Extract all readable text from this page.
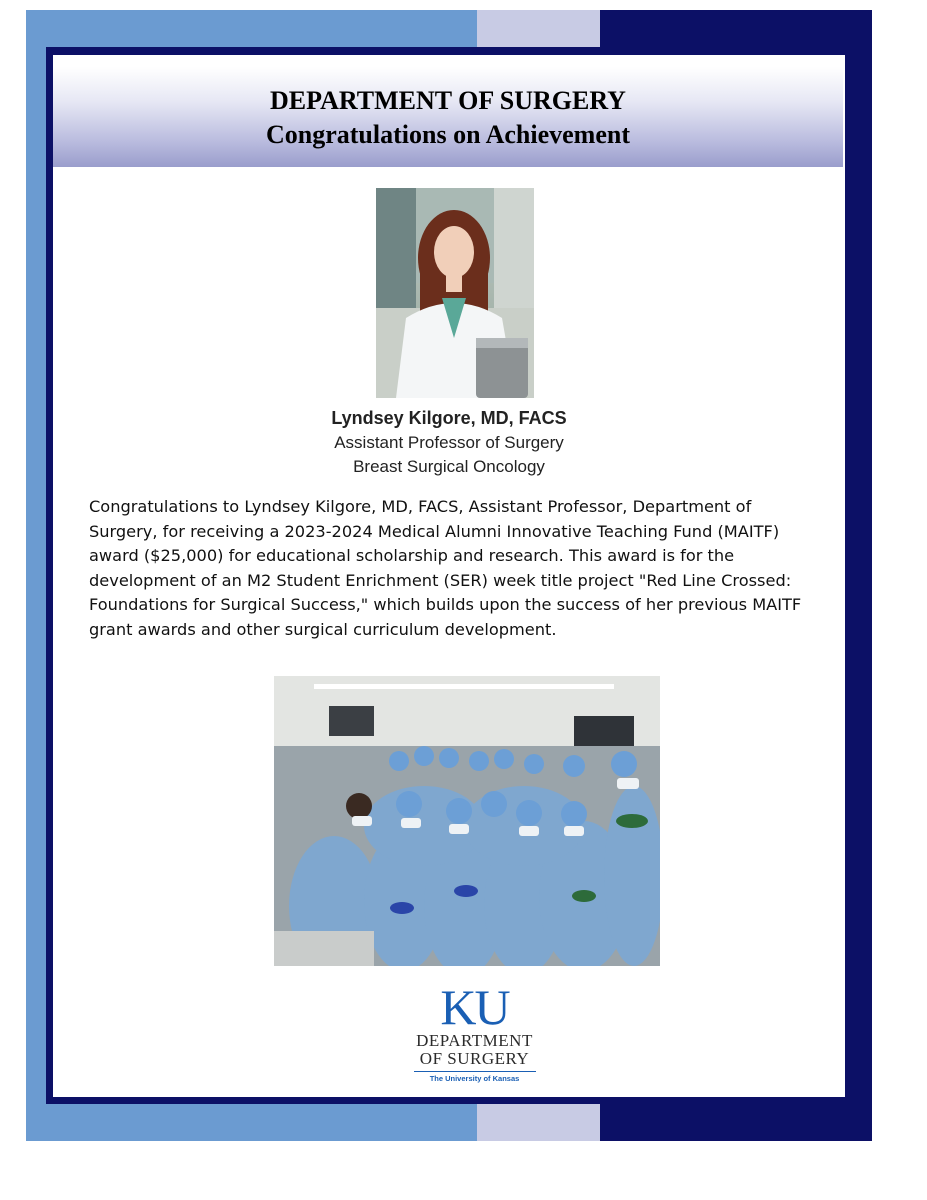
DEPARTMENT OF SURGERY
Congratulations on Achievement
Lyndsey Kilgore, MD, FACS
Assistant Professor of Surgery
Breast Surgical Oncology
Congratulations to Lyndsey Kilgore, MD, FACS, Assistant Professor, Department of Surgery, for receiving a 2023-2024 Medical Alumni Innovative Teaching Fund (MAITF) award ($25,000) for educational scholarship and research. This award is for the development of an M2 Student Enrichment (SER) week title project "Red Line Crossed: Foundations for Surgical Success," which builds upon the success of her previous MAITF grant awards and other surgical curriculum development.
KU
DEPARTMENT
OF SURGERY
The University of Kansas
